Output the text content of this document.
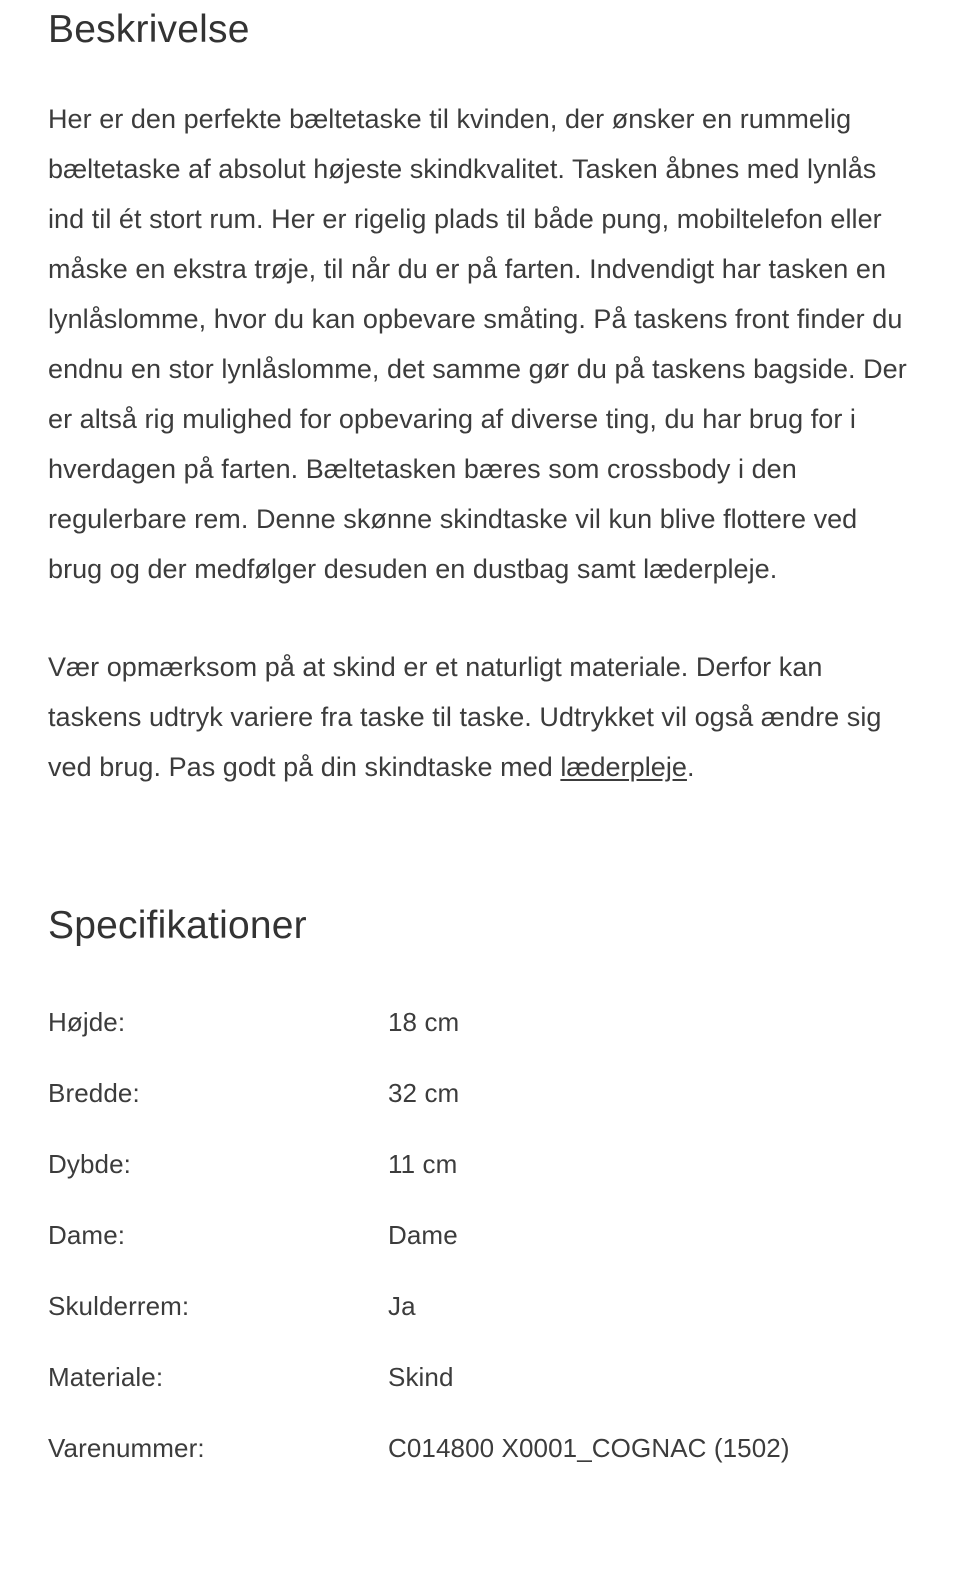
Beskrivelse

Her er den perfekte bæltetaske til kvinden, der ønsker en rummelig bæltetaske af absolut højeste skindkvalitet. Tasken åbnes med lynlås ind til ét stort rum. Her er rigelig plads til både pung, mobiltelefon eller måske en ekstra trøje, til når du er på farten. Indvendigt har tasken en lynlåslomme, hvor du kan opbevare småting. På taskens front finder du endnu en stor lynlåslomme, det samme gør du på taskens bagside. Der er altså rig mulighed for opbevaring af diverse ting, du har brug for i hverdagen på farten. Bæltetasken bæres som crossbody i den regulerbare rem. Denne skønne skindtaske vil kun blive flottere ved brug og der medfølger desuden en dustbag samt læderpleje.

Vær opmærksom på at skind er et naturligt materiale. Derfor kan taskens udtryk variere fra taske til taske. Udtrykket vil også ændre sig ved brug. Pas godt på din skindtaske med læderpleje.

Specifikationer
Højde:	18 cm
Bredde:	32 cm
Dybde:	11 cm
Dame:	Dame
Skulderrem:	Ja
Materiale:	Skind
Varenummer:	C014800 X0001_COGNAC (1502)
